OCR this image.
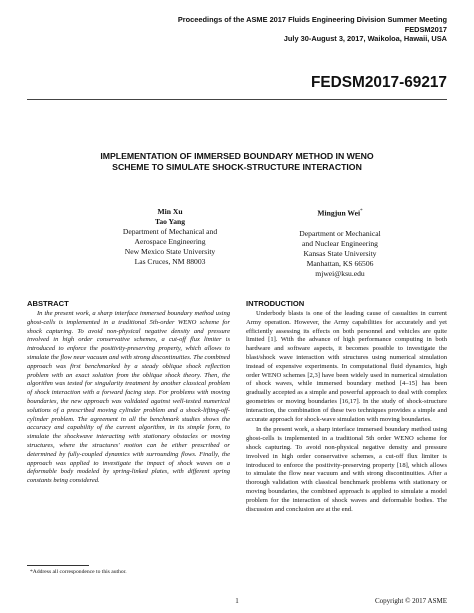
Proceedings of the ASME 2017 Fluids Engineering Division Summer Meeting
FEDSM2017
July 30-August 3, 2017, Waikoloa, Hawaii, USA
FEDSM2017-69217
IMPLEMENTATION OF IMMERSED BOUNDARY METHOD IN WENO
SCHEME TO SIMULATE SHOCK-STRUCTURE INTERACTION
Min Xu
Tao Yang
Department of Mechanical and
Aerospace Engineering
New Mexico State University
Las Cruces, NM 88003
Mingjun Wei*
Department or Mechanical
and Nuclear Engineering
Kansas State University
Manhattan, KS 66506
mjwei@ksu.edu
ABSTRACT

In the present work, a sharp interface immersed boundary method using ghost-cells is implemented in a traditional 5th-order WENO scheme for shock capturing. To avoid non-physical negative density and pressure involved in high order conservative schemes, a cut-off flux limiter is introduced to enforce the positivity-preserving property, which allows to simulate the flow near vacuum and with strong discontinuities. The combined approach was first benchmarked by a steady oblique shock reflection problem with an exact solution from the oblique shock theory. Then, the algorithm was tested for singularity treatment by another classical problem of shock interaction with a forward facing step. For problems with moving boundaries, the new approach was validated against well-tested numerical solutions of a prescribed moving cylinder problem and a shock-lifting-off-cylinder problem. The agreement in all the benchmark studies shows the accuracy and capability of the current algorithm, in its simple form, to simulate the shockwave interacting with stationary obstacles or moving structures, where the structures' motion can be either prescribed or determined by fully-coupled dynamics with surrounding flows. Finally, the approach was applied to investigate the impact of shock waves on a deformable body modeled by spring-linked plates, with different spring constants being considered.

INTRODUCTION

Underbody blasts is one of the leading cause of casualties in current Army operation. However, the Army capabilities for accurately and yet efficiently assessing its effects on both personnel and vehicles are quite limited [1]. With the advance of high performance computing in both hardware and software aspects, it becomes possible to investigate the blast/shock wave interaction with structures using numerical simulation instead of expensive experiments. In computational fluid dynamics, high order WENO schemes [2,3] have been widely used in numerical simulation of shock waves, while immersed boundary method [4–15] has been gradually accepted as a simple and powerful approach to deal with complex geometries or moving boundaries [16,17]. In the study of shock-structure interaction, the combination of these two techniques provides a simple and accurate approach for shock-wave simulation with moving boundaries.

In the present work, a sharp interface immersed boundary method using ghost-cells is implemented in a traditional 5th order WENO scheme for shock capturing. To avoid non-physical negative density and pressure involved in high order conservative schemes, a cut-off flux limiter is introduced to enforce the positivity-preserving property [18], which allows to simulate the flow near vacuum and with strong discontinuities. After a thorough validation with classical benchmark problems with stationary or moving boundaries, the combined approach is applied to simulate a model problem for the interaction of shock waves and deformable bodies. The discussion and conclusion are at the end.

*Address all correspondence to this author.
1	Copyright © 2017 ASME
